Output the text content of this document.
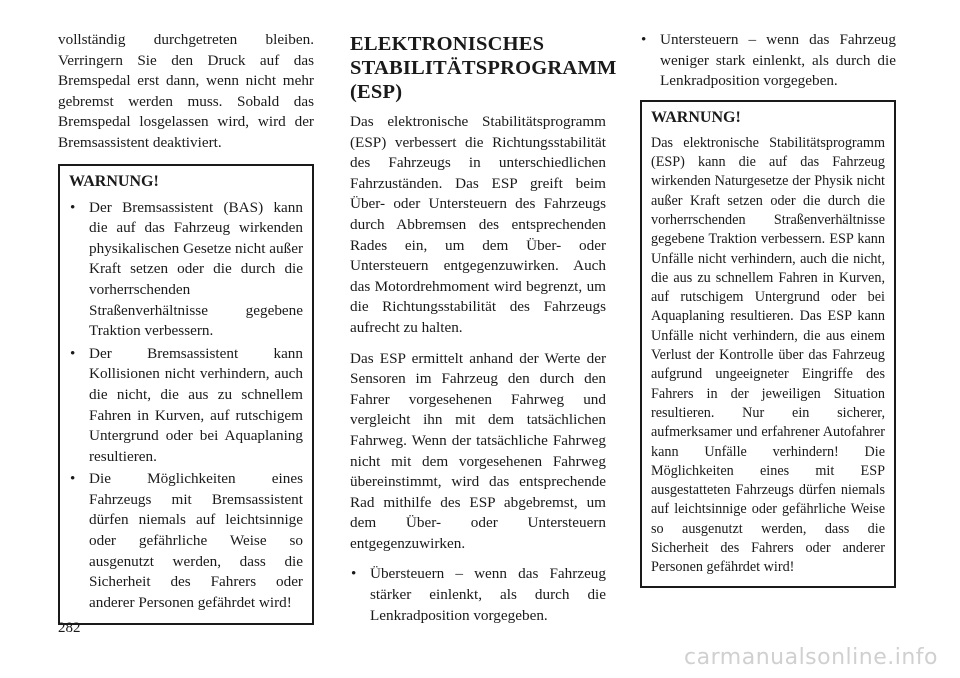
vollständig durchgetreten bleiben. Verringern Sie den Druck auf das Bremspedal erst dann, wenn nicht mehr gebremst werden muss. Sobald das Bremspedal losgelassen wird, wird der Bremsassistent deaktiviert.

WARNUNG!
• Der Bremsassistent (BAS) kann die auf das Fahrzeug wirkenden physikalischen Gesetze nicht außer Kraft setzen oder die durch die vorherrschenden Straßenverhältnisse gegebene Traktion verbessern.
• Der Bremsassistent kann Kollisionen nicht verhindern, auch die nicht, die aus zu schnellem Fahren in Kurven, auf rutschigem Untergrund oder bei Aquaplaning resultieren.
• Die Möglichkeiten eines Fahrzeugs mit Bremsassistent dürfen niemals auf leichtsinnige oder gefährliche Weise so ausgenutzt werden, dass die Sicherheit des Fahrers oder anderer Personen gefährdet wird!
ELEKTRONISCHES STABILITÄTSPROGRAMM (ESP)

Das elektronische Stabilitätsprogramm (ESP) verbessert die Richtungsstabilität des Fahrzeugs in unterschiedlichen Fahrzuständen. Das ESP greift beim Über- oder Untersteuern des Fahrzeugs durch Abbremsen des entsprechenden Rades ein, um dem Über- oder Untersteuern entgegenzuwirken. Auch das Motordrehmoment wird begrenzt, um die Richtungsstabilität des Fahrzeugs aufrecht zu halten.

Das ESP ermittelt anhand der Werte der Sensoren im Fahrzeug den durch den Fahrer vorgesehenen Fahrweg und vergleicht ihn mit dem tatsächlichen Fahrweg. Wenn der tatsächliche Fahrweg nicht mit dem vorgesehenen Fahrweg übereinstimmt, wird das entsprechende Rad mithilfe des ESP abgebremst, um dem Über- oder Untersteuern entgegenzuwirken.

• Übersteuern – wenn das Fahrzeug stärker einlenkt, als durch die Lenkradposition vorgegeben.
• Untersteuern – wenn das Fahrzeug weniger stark einlenkt, als durch die Lenkradposition vorgegeben.
WARNUNG!

Das elektronische Stabilitätsprogramm (ESP) kann die auf das Fahrzeug wirkenden Naturgesetze der Physik nicht außer Kraft setzen oder die durch die vorherrschenden Straßenverhältnisse gegebene Traktion verbessern. ESP kann Unfälle nicht verhindern, auch die nicht, die aus zu schnellem Fahren in Kurven, auf rutschigem Untergrund oder bei Aquaplaning resultieren. Das ESP kann Unfälle nicht verhindern, die aus einem Verlust der Kontrolle über das Fahrzeug aufgrund ungeeigneter Eingriffe des Fahrers in der jeweiligen Situation resultieren. Nur ein sicherer, aufmerksamer und erfahrener Autofahrer kann Unfälle verhindern! Die Möglichkeiten eines mit ESP ausgestatteten Fahrzeugs dürfen niemals auf leichtsinnige oder gefährliche Weise so ausgenutzt werden, dass die Sicherheit des Fahrers oder anderer Personen gefährdet wird!

282
carmanualsonline.info
